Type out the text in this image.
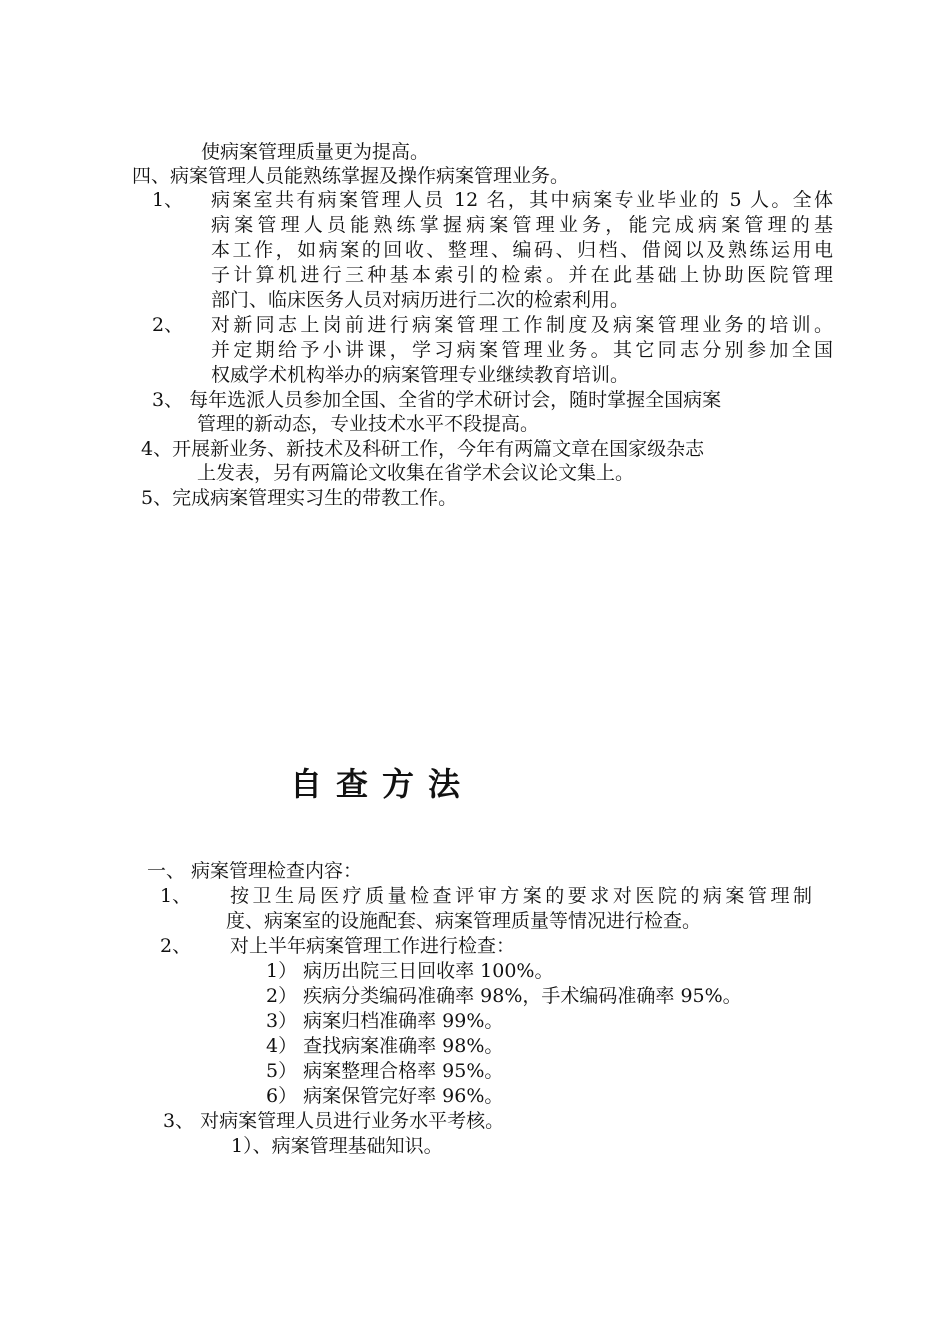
使病案管理质量更为提高。
四、病案管理人员能熟练掌握及操作病案管理业务。
1、 病案室共有病案管理人员 12 名，其中病案专业毕业的 5 人。全体
病案管理人员能熟练掌握病案管理业务，能完成病案管理的基
本工作，如病案的回收、整理、编码、归档、借阅以及熟练运用电
子计算机进行三种基本索引的检索。并在此基础上协助医院管理
部门、临床医务人员对病历进行二次的检索利用。
2、 对新同志上岗前进行病案管理工作制度及病案管理业务的培训。
并定期给予小讲课，学习病案管理业务。其它同志分别参加全国
权威学术机构举办的病案管理专业继续教育培训。
3、 每年选派人员参加全国、全省的学术研讨会，随时掌握全国病案
管理的新动态，专业技术水平不段提高。
4、开展新业务、新技术及科研工作，今年有两篇文章在国家级杂志
上发表，另有两篇论文收集在省学术会议论文集上。
5、完成病案管理实习生的带教工作。
自查方法
一、 病案管理检查内容：
1、 按卫生局医疗质量检查评审方案的要求对医院的病案管理制
度、病案室的设施配套、病案管理质量等情况进行检查。
2、 对上半年病案管理工作进行检查：
1） 病历出院三日回收率 100%。
2） 疾病分类编码准确率 98%，手术编码准确率 95%。
3） 病案归档准确率 99%。
4） 查找病案准确率 98%。
5） 病案整理合格率 95%。
6） 病案保管完好率 96%。
3、 对病案管理人员进行业务水平考核。
1）、病案管理基础知识。
